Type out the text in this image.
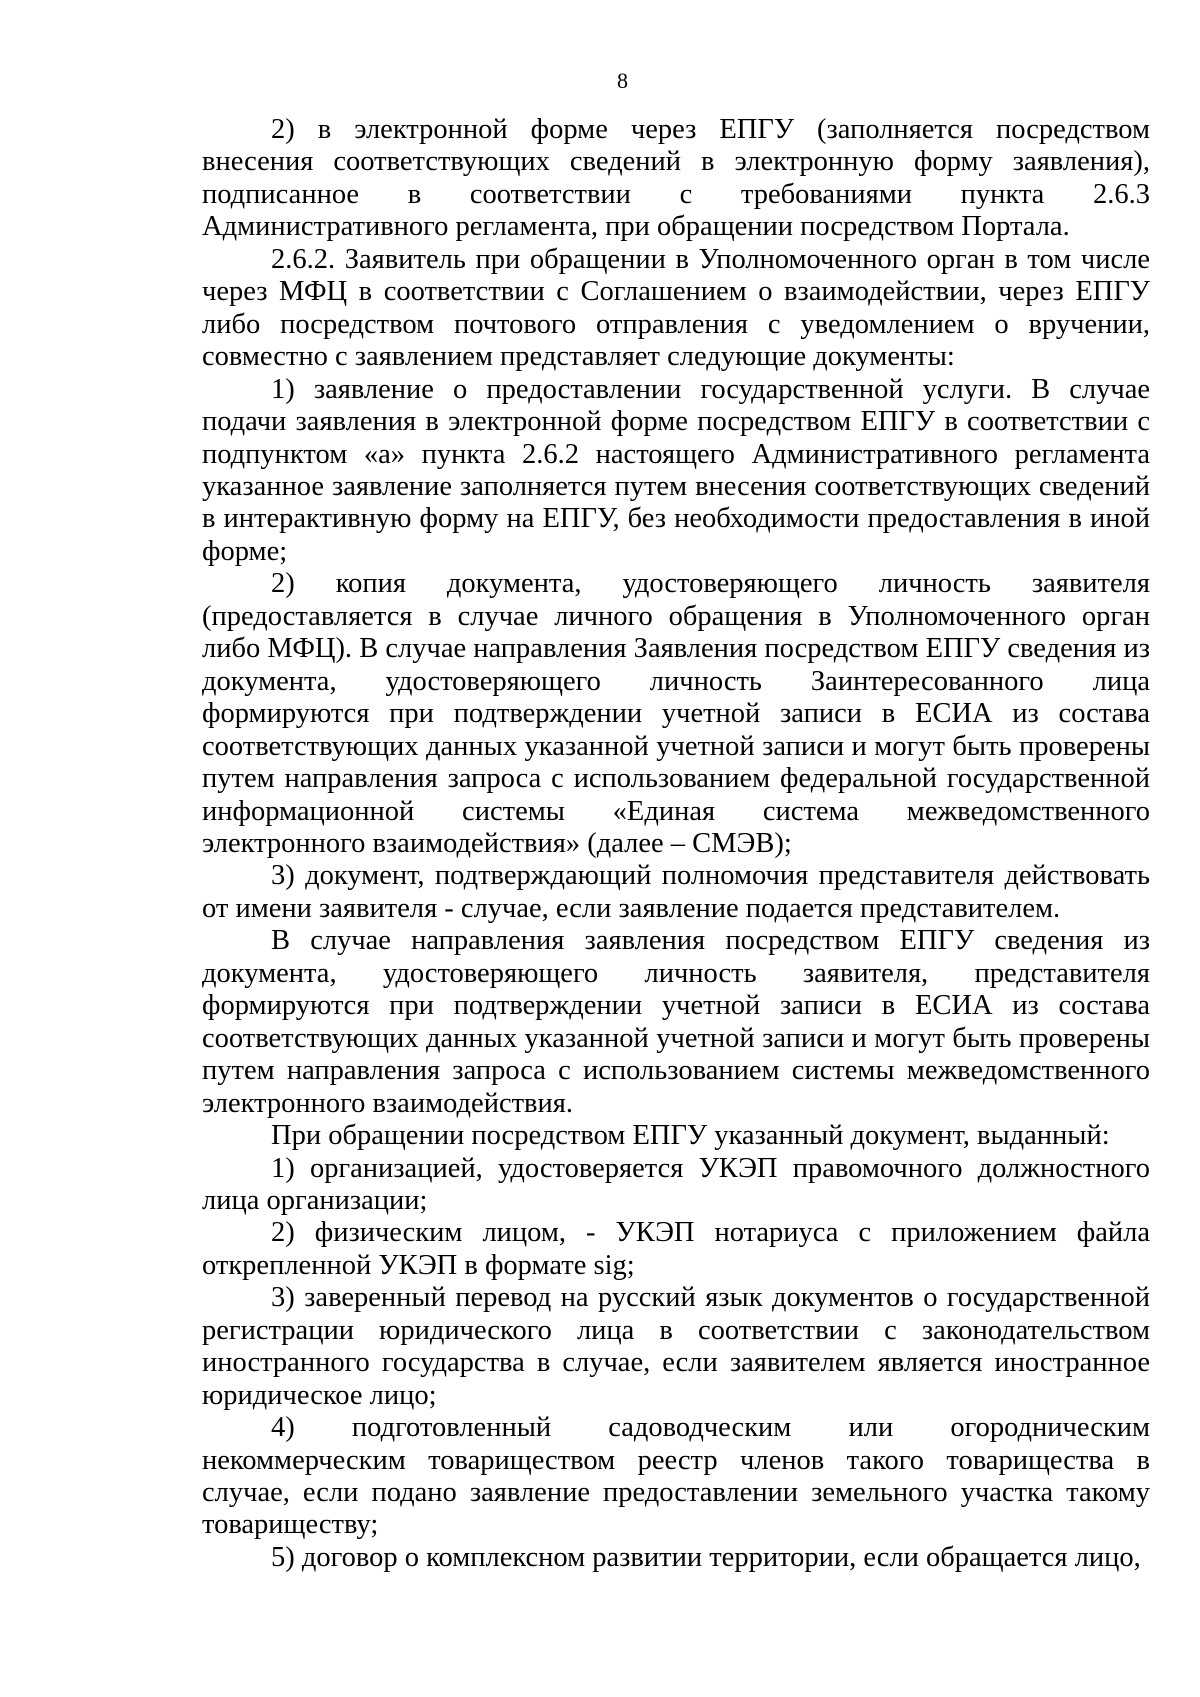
8

2) в электронной форме через ЕПГУ (заполняется посредством внесения соответствующих сведений в электронную форму заявления), подписанное в соответствии с требованиями пункта 2.6.3 Административного регламента, при обращении посредством Портала.

2.6.2. Заявитель при обращении в Уполномоченного орган в том числе через МФЦ в соответствии с Соглашением о взаимодействии, через ЕПГУ либо посредством почтового отправления с уведомлением о вручении, совместно с заявлением представляет следующие документы:

1) заявление о предоставлении государственной услуги. В случае подачи заявления в электронной форме посредством ЕПГУ в соответствии с подпунктом «а» пункта 2.6.2 настоящего Административного регламента указанное заявление заполняется путем внесения соответствующих сведений в интерактивную форму на ЕПГУ, без необходимости предоставления в иной форме;

2) копия документа, удостоверяющего личность заявителя (предоставляется в случае личного обращения в Уполномоченного орган либо МФЦ). В случае направления Заявления посредством ЕПГУ сведения из документа, удостоверяющего личность Заинтересованного лица формируются при подтверждении учетной записи в ЕСИА из состава соответствующих данных указанной учетной записи и могут быть проверены путем направления запроса с использованием федеральной государственной информационной системы «Единая система межведомственного электронного взаимодействия» (далее – СМЭВ);

3) документ, подтверждающий полномочия представителя действовать от имени заявителя - случае, если заявление подается представителем.

В случае направления заявления посредством ЕПГУ сведения из документа, удостоверяющего личность заявителя, представителя формируются при подтверждении учетной записи в ЕСИА из состава соответствующих данных указанной учетной записи и могут быть проверены путем направления запроса с использованием системы межведомственного электронного взаимодействия.

При обращении посредством ЕПГУ указанный документ, выданный:

1) организацией, удостоверяется УКЭП правомочного должностного лица организации;

2) физическим лицом, - УКЭП нотариуса с приложением файла открепленной УКЭП в формате sig;

3) заверенный перевод на русский язык документов о государственной регистрации юридического лица в соответствии с законодательством иностранного государства в случае, если заявителем является иностранное юридическое лицо;

4) подготовленный садоводческим или огородническим некоммерческим товариществом реестр членов такого товарищества в случае, если подано заявление предоставлении земельного участка такому товариществу;

5) договор о комплексном развитии территории, если обращается лицо,
